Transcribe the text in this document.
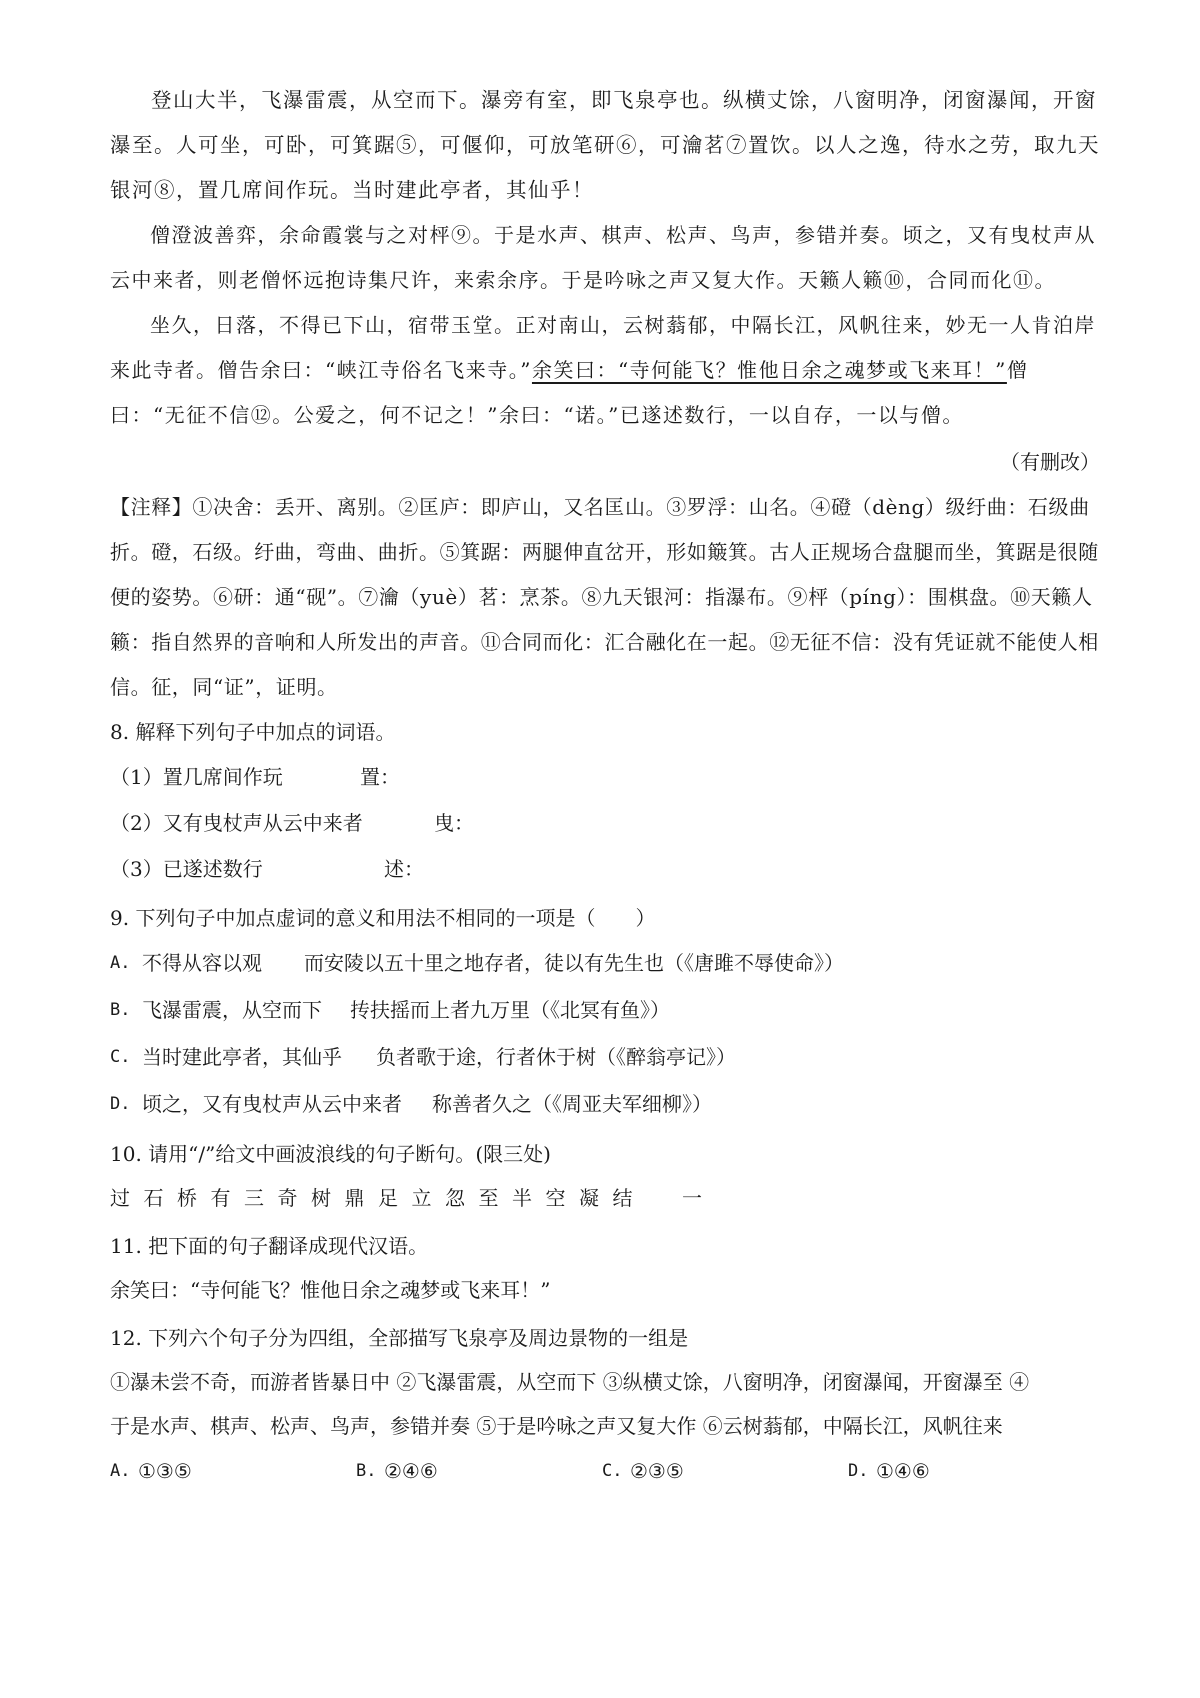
登山大半，飞瀑雷震，从空而下。瀑旁有室，即飞泉亭也。纵横丈馀，八窗明净，闭窗瀑闻，开窗瀑至。人可坐，可卧，可箕踞⑤，可偃仰，可放笔研⑥，可瀹茗⑦置饮。以人之逸，待水之劳，取九天银河⑧，置几席间作玩。当时建此亭者，其仙乎！

僧澄波善弈，余命霞裳与之对枰⑨。于是水声、棋声、松声、鸟声，参错并奏。顷之，又有曳杖声从云中来者，则老僧怀远抱诗集尺许，来索余序。于是吟咏之声又复大作。天籁人籁⑩，合同而化⑪。

坐久，日落，不得已下山，宿带玉堂。正对南山，云树蓊郁，中隔长江，风帆往来，妙无一人肯泊岸来此寺者。僧告余曰：“峡江寺俗名飞来寺。”余笑曰：“寺何能飞？惟他日余之魂梦或飞来耳！”僧曰：“无征不信⑫。公爱之，何不记之！”余曰：“诺。”已遂述数行，一以自存，一以与僧。

（有删改）

【注释】①决舍：丢开、离别。②匡庐：即庐山，又名匡山。③罗浮：山名。④磴（dèng）级纡曲：石级曲折。磴，石级。纡曲，弯曲、曲折。⑤箕踞：两腿伸直岔开，形如簸箕。古人正规场合盘腿而坐，箕踞是很随便的姿势。⑥研：通“砚”。⑦瀹（yuè）茗：烹茶。⑧九天银河：指瀑布。⑨枰（píng）：围棋盘。⑩天籁人籁：指自然界的音响和人所发出的声音。⑪合同而化：汇合融化在一起。⑫无征不信：没有凭证就不能使人相信。征，同“证”，证明。

8. 解释下列句子中加点的词语。

（1）置几席间作玩	置：
（2）又有曳杖声从云中来者	曳：
（3）已遂述数行	述：

9. 下列句子中加点虚词的意义和用法不相同的一项是（　　）

A. 不得从容以观 而安陵以五十里之地存者，徒以有先生也（《唐雎不辱使命》）
B. 飞瀑雷震，从空而下 抟扶摇而上者九万里（《北冥有鱼》）
C. 当时建此亭者，其仙乎 负者歌于途，行者休于树（《醉翁亭记》）
D. 顷之，又有曳杖声从云中来者 称善者久之（《周亚夫军细柳》）

10. 请用“/”给文中画波浪线的句子断句。(限三处)

过石桥有三奇树鼎足立忽至半空凝结 一

11. 把下面的句子翻译成现代汉语。

余笑曰：“寺何能飞？惟他日余之魂梦或飞来耳！”

12. 下列六个句子分为四组，全部描写飞泉亭及周边景物的一组是

①瀑未尝不奇，而游者皆暴日中 ②飞瀑雷震，从空而下 ③纵横丈馀，八窗明净，闭窗瀑闻，开窗瀑至 ④

于是水声、棋声、松声、鸟声，参错并奏 ⑤于是吟咏之声又复大作 ⑥云树蓊郁，中隔长江，风帆往来

A. ①③⑤	B. ②④⑥	C. ②③⑤	D. ①④⑥
